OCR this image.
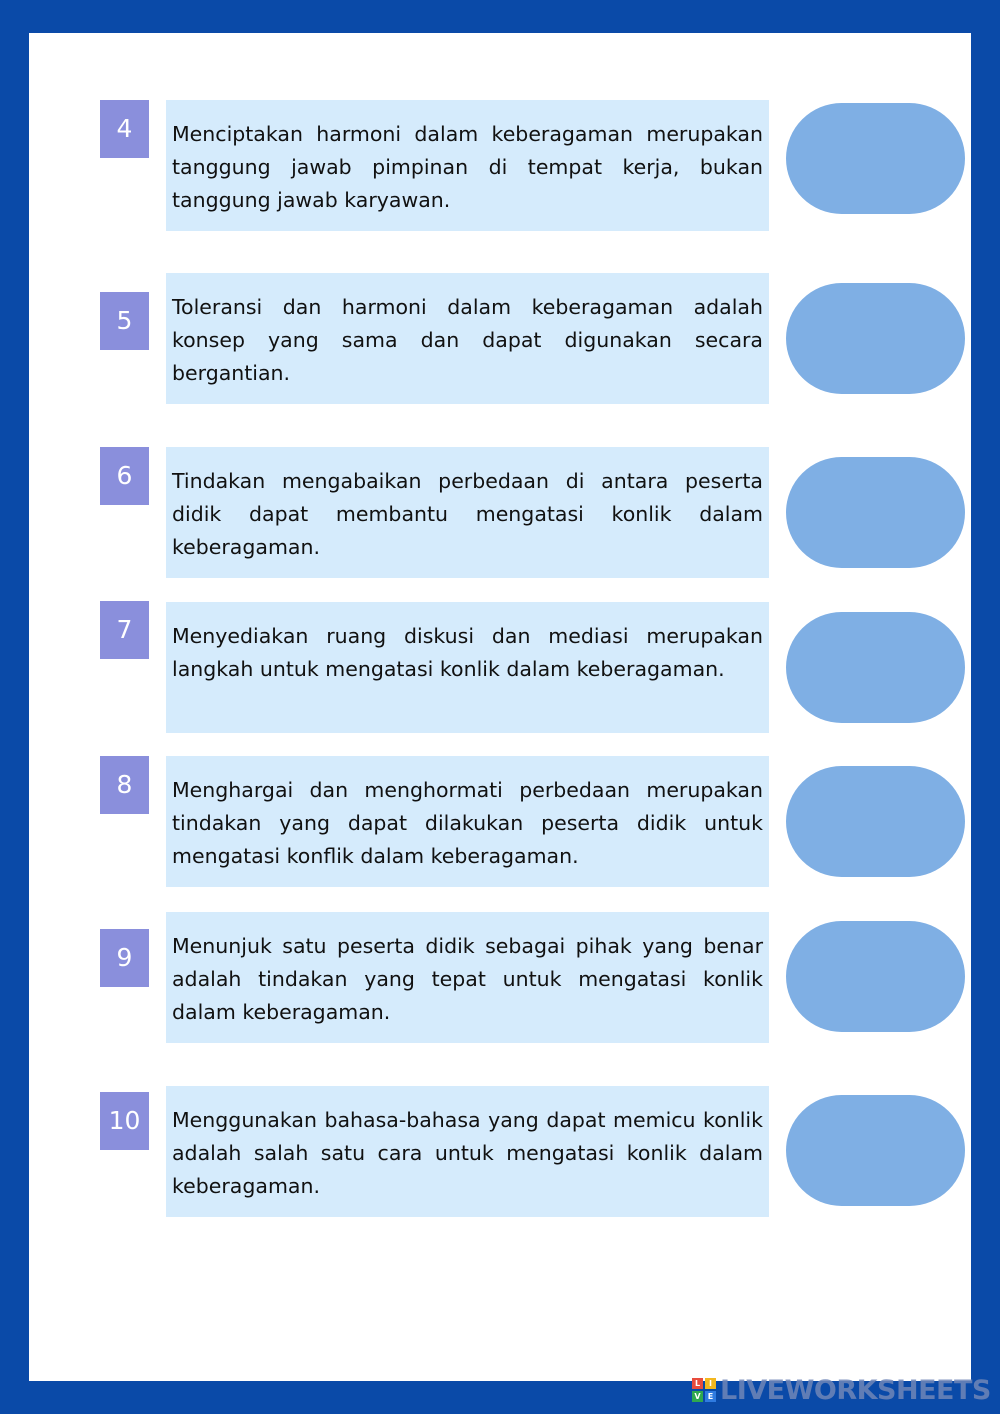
4	Menciptakan harmoni dalam keberagaman merupakan tanggung jawab pimpinan di tempat kerja, bukan tanggung jawab karyawan.
5	Toleransi dan harmoni dalam keberagaman adalah konsep yang sama dan dapat digunakan secara bergantian.
6	Tindakan mengabaikan perbedaan di antara peserta didik dapat membantu mengatasi konlik dalam keberagaman.
7	Menyediakan ruang diskusi dan mediasi merupakan langkah untuk mengatasi konlik dalam keberagaman.
8	Menghargai dan menghormati perbedaan merupakan tindakan yang dapat dilakukan peserta didik untuk mengatasi konflik dalam keberagaman.
9	Menunjuk satu peserta didik sebagai pihak yang benar adalah tindakan yang tepat untuk mengatasi konlik dalam keberagaman.
10	Menggunakan bahasa-bahasa yang dapat memicu konlik adalah salah satu cara untuk mengatasi konlik dalam keberagaman.
L	I
V E LIVEWORKSHEETS
